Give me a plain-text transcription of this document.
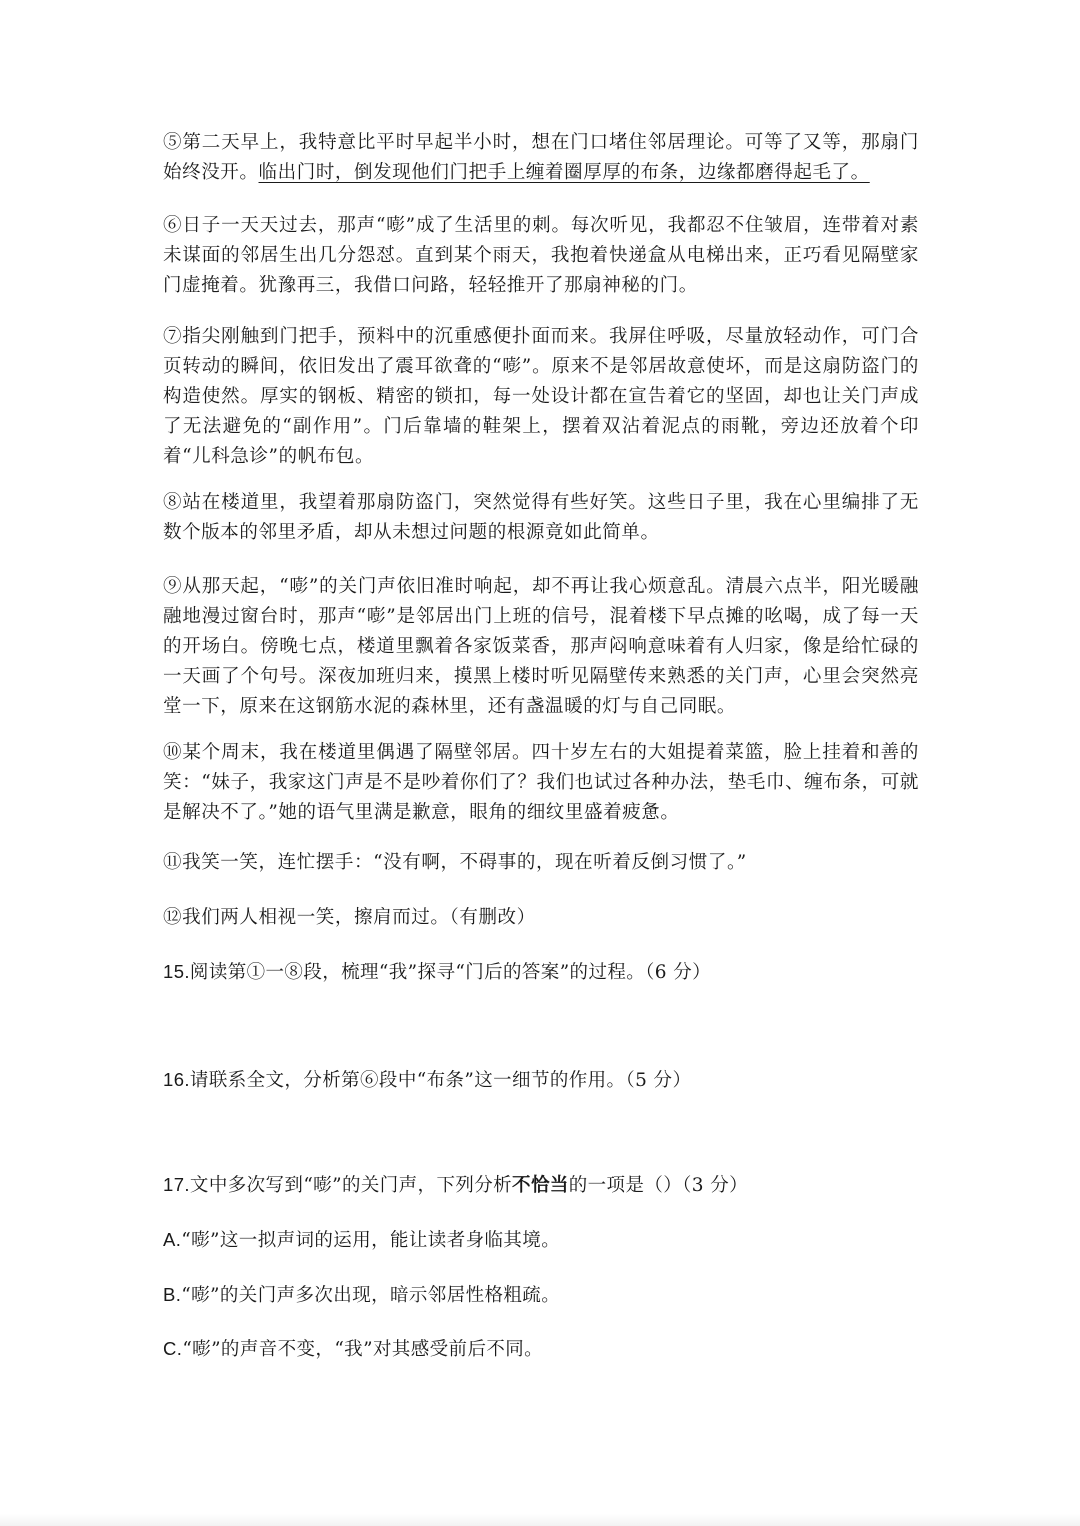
⑤第二天早上，我特意比平时早起半小时，想在门口堵住邻居理论。可等了又等，那扇门始终没开。临出门时，倒发现他们门把手上缠着圈厚厚的布条，边缘都磨得起毛了。

⑥日子一天天过去，那声“嘭”成了生活里的刺。每次听见，我都忍不住皱眉，连带着对素未谋面的邻居生出几分怨怼。直到某个雨天，我抱着快递盒从电梯出来，正巧看见隔壁家门虚掩着。犹豫再三，我借口问路，轻轻推开了那扇神秘的门。

⑦指尖刚触到门把手，预料中的沉重感便扑面而来。我屏住呼吸，尽量放轻动作，可门合页转动的瞬间，依旧发出了震耳欲聋的“嘭”。原来不是邻居故意使坏，而是这扇防盗门的构造使然。厚实的钢板、精密的锁扣，每一处设计都在宣告着它的坚固，却也让关门声成了无法避免的“副作用”。门后靠墙的鞋架上，摆着双沾着泥点的雨靴，旁边还放着个印着“儿科急诊”的帆布包。

⑧站在楼道里，我望着那扇防盗门，突然觉得有些好笑。这些日子里，我在心里编排了无数个版本的邻里矛盾，却从未想过问题的根源竟如此简单。

⑨从那天起，“嘭”的关门声依旧准时响起，却不再让我心烦意乱。清晨六点半，阳光暖融融地漫过窗台时，那声“嘭”是邻居出门上班的信号，混着楼下早点摊的吆喝，成了每一天的开场白。傍晚七点，楼道里飘着各家饭菜香，那声闷响意味着有人归家，像是给忙碌的一天画了个句号。深夜加班归来，摸黑上楼时听见隔壁传来熟悉的关门声，心里会突然亮堂一下，原来在这钢筋水泥的森林里，还有盏温暖的灯与自己同眠。

⑩某个周末，我在楼道里偶遇了隔壁邻居。四十岁左右的大姐提着菜篮，脸上挂着和善的笑：“妹子，我家这门声是不是吵着你们了？我们也试过各种办法，垫毛巾、缠布条，可就是解决不了。”她的语气里满是歉意，眼角的细纹里盛着疲惫。

⑪我笑一笑，连忙摆手：“没有啊，不碍事的，现在听着反倒习惯了。”

⑫我们两人相视一笑，擦肩而过。（有删改）

15.阅读第①一⑧段，梳理“我”探寻“门后的答案”的过程。（6 分）

16.请联系全文，分析第⑥段中“布条”这一细节的作用。（5 分）

17.文中多次写到“嘭”的关门声，下列分析不恰当的一项是（）（3 分）

A.“嘭”这一拟声词的运用，能让读者身临其境。

B.“嘭”的关门声多次出现，暗示邻居性格粗疏。

C.“嘭”的声音不变，“我”对其感受前后不同。
